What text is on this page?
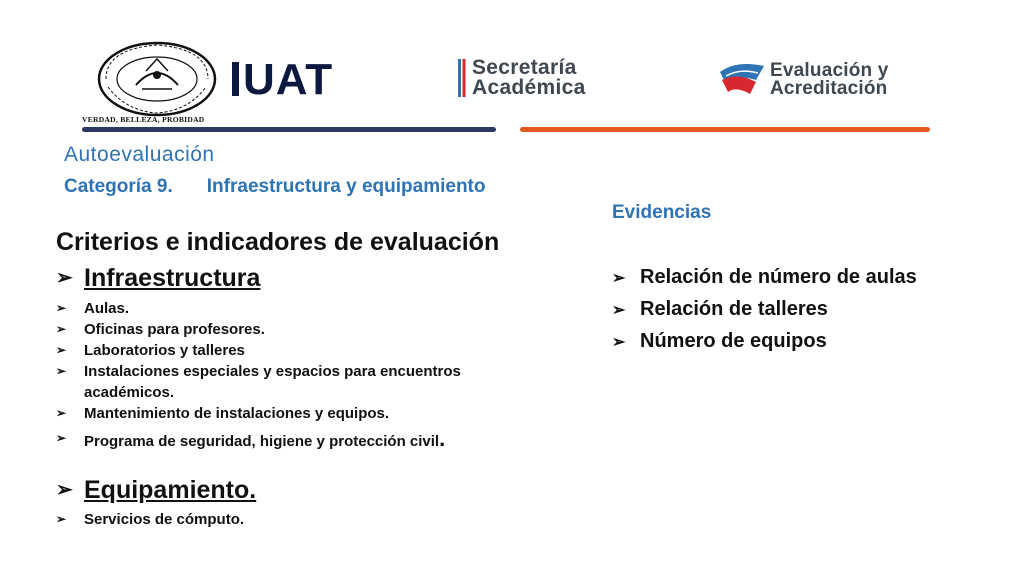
VERDAD, BELLEZA, PROBIDAD
UAT	Secretaría
Académica
Evaluación y
Acreditación
Autoevaluación
Categoría 9. Infraestructura y equipamiento
Criterios e indicadores de evaluación
➢ Infraestructura
➢ Aulas.
➢ Oficinas para profesores.
➢ Laboratorios y talleres
➢ Instalaciones especiales y espacios para encuentros académicos.
➢ Mantenimiento de instalaciones y equipos.
➢ Programa de seguridad, higiene y protección civil.
➢ Equipamiento.
➢ Servicios de cómputo.
Evidencias
➢ Relación de número de aulas
➢ Relación de talleres
➢ Número de equipos
